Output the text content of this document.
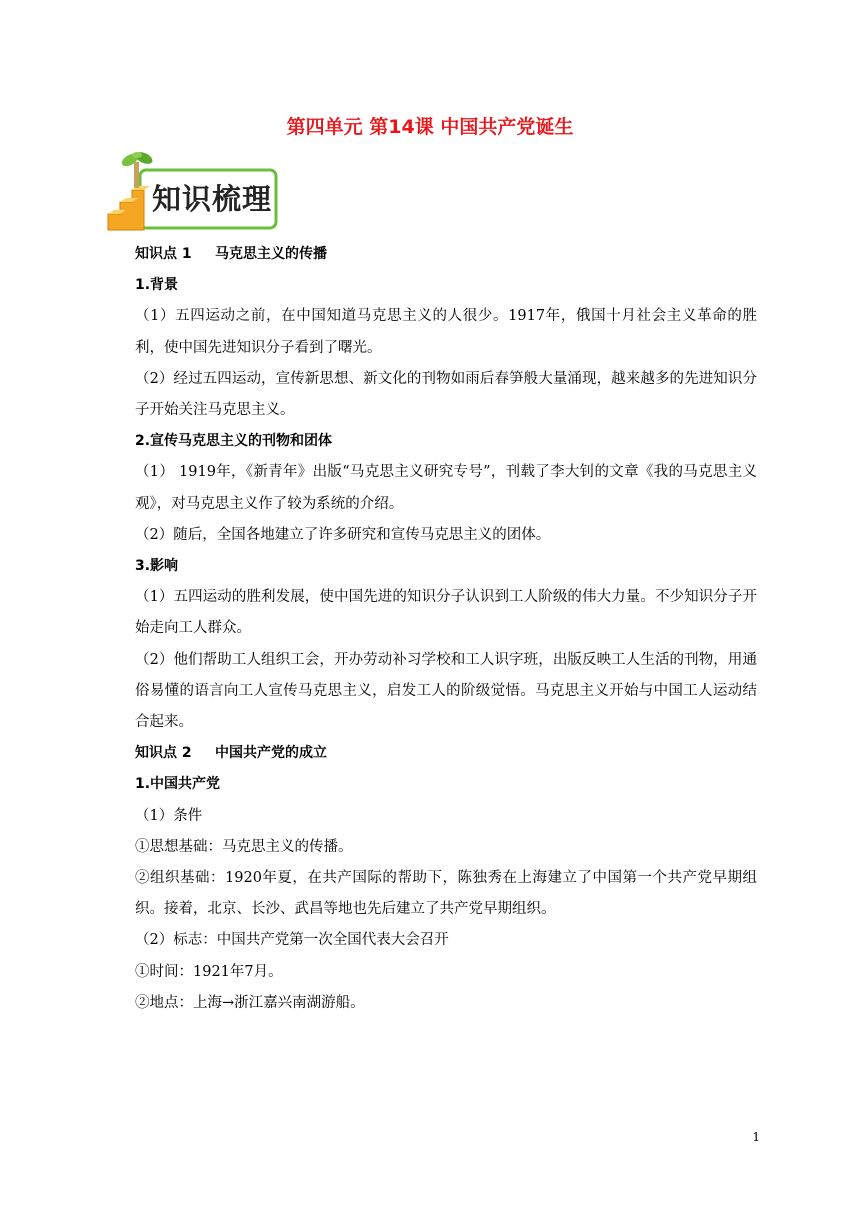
第四单元 第14课 中国共产党诞生
知识梳理

知识点 1 马克思主义的传播

1.背景

（1）五四运动之前，在中国知道马克思主义的人很少。1917年，俄国十月社会主义革命的胜利，使中国先进知识分子看到了曙光。

（2）经过五四运动，宣传新思想、新文化的刊物如雨后春笋般大量涌现，越来越多的先进知识分子开始关注马克思主义。

2.宣传马克思主义的刊物和团体

（1） 1919年，《新青年》出版“马克思主义研究专号”，刊载了李大钊的文章《我的马克思主义观》，对马克思主义作了较为系统的介绍。

（2）随后，全国各地建立了许多研究和宣传马克思主义的团体。

3.影响

（1）五四运动的胜利发展，使中国先进的知识分子认识到工人阶级的伟大力量。不少知识分子开始走向工人群众。

（2）他们帮助工人组织工会，开办劳动补习学校和工人识字班，出版反映工人生活的刊物，用通俗易懂的语言向工人宣传马克思主义，启发工人的阶级觉悟。马克思主义开始与中国工人运动结合起来。

知识点 2 中国共产党的成立

1.中国共产党

（1）条件

①思想基础：马克思主义的传播。

②组织基础：1920年夏，在共产国际的帮助下，陈独秀在上海建立了中国第一个共产党早期组织。接着，北京、长沙、武昌等地也先后建立了共产党早期组织。

（2）标志：中国共产党第一次全国代表大会召开

①时间：1921年7月。

②地点：上海→浙江嘉兴南湖游船。

1
